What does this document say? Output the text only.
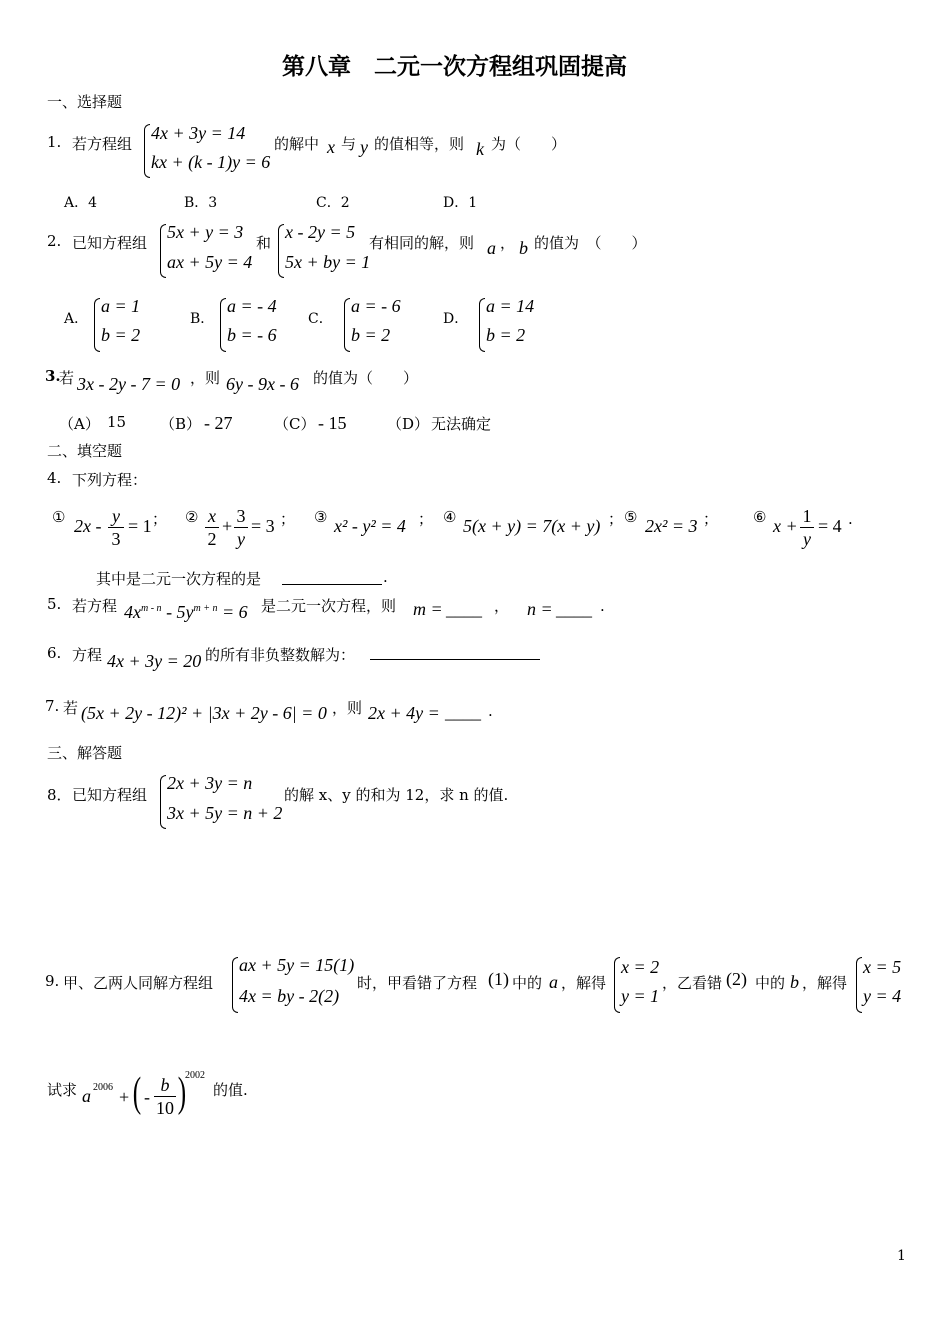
第八章　二元一次方程组巩固提高
一、选择题
1. 若方程组
4x + 3y = 14
kx + (k - 1)y = 6
的解中 x 与 y 的值相等，则 k 为（　　）
A．4	B．3	C．2	D．1
2. 已知方程组
5x + y = 3
ax + 5y = 4
和
x - 2y = 5
5x + by = 1
有相同的解，则 a ， b 的值为　（　　）
A．
a = 1
b = 2
B．
a = - 4
b = - 6
C．
a = - 6
b = 2
D．
a = 14
b = 2
3.
若 3x - 2y - 7 = 0 ，则 6y - 9x - 6 的值为（　　）
（A） 15 （B） - 27	（C） - 15	（D） 无法确定
二、填空题
4. 下列方程：
① 2x - y
3
= 1 ； ② x
2
+ 3
y
= 3 ； ③ x² - y² = 4 ； ④ 5(x + y) = 7(x + y) ； ⑤ 2x² = 3 ； ⑥ x + 1
y
= 4 .
其中是二元一次方程的是	.
5. 若方程 $4x^{m - n} - 5y^{m + n} = 6$ 是二元一次方程，则 m = ____ ， n = ____ .
6. 方程 4x + 3y = 20 的所有非负整数解为：
7. 若 (5x + 2y - 12)² + |3x + 2y - 6| = 0 ，则 2x + 4y = ____ .
三、解答题
8． 已知方程组
2x + 3y = n
3x + 5y = n + 2
的解 x、y 的和为 12，求 n 的值.
9. 甲、乙两人同解方程组
ax + 5y = 15(1)
4x = by - 2(2)
时，甲看错了方程 (1) 中的 a ，解得
x = 2
y = 1
，乙看错 (2) 中的 b ，解得
x = 5
y = 4
试求 a 2006 + ( -
b
10 )
2002
的值.
1
